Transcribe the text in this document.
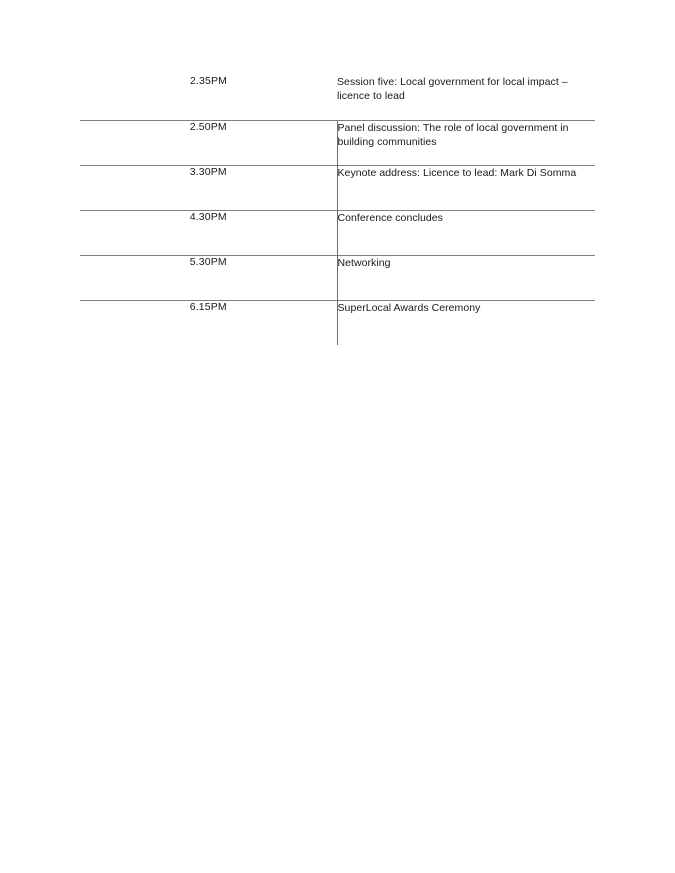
2.35PM	Session five: Local government for local impact – licence to lead

2.50PM	Panel discussion: The role of local government in building communities

3.30PM	Keynote address: Licence to lead: Mark Di Somma

4.30PM	Conference concludes

5.30PM	Networking

6.15PM	SuperLocal Awards Ceremony
